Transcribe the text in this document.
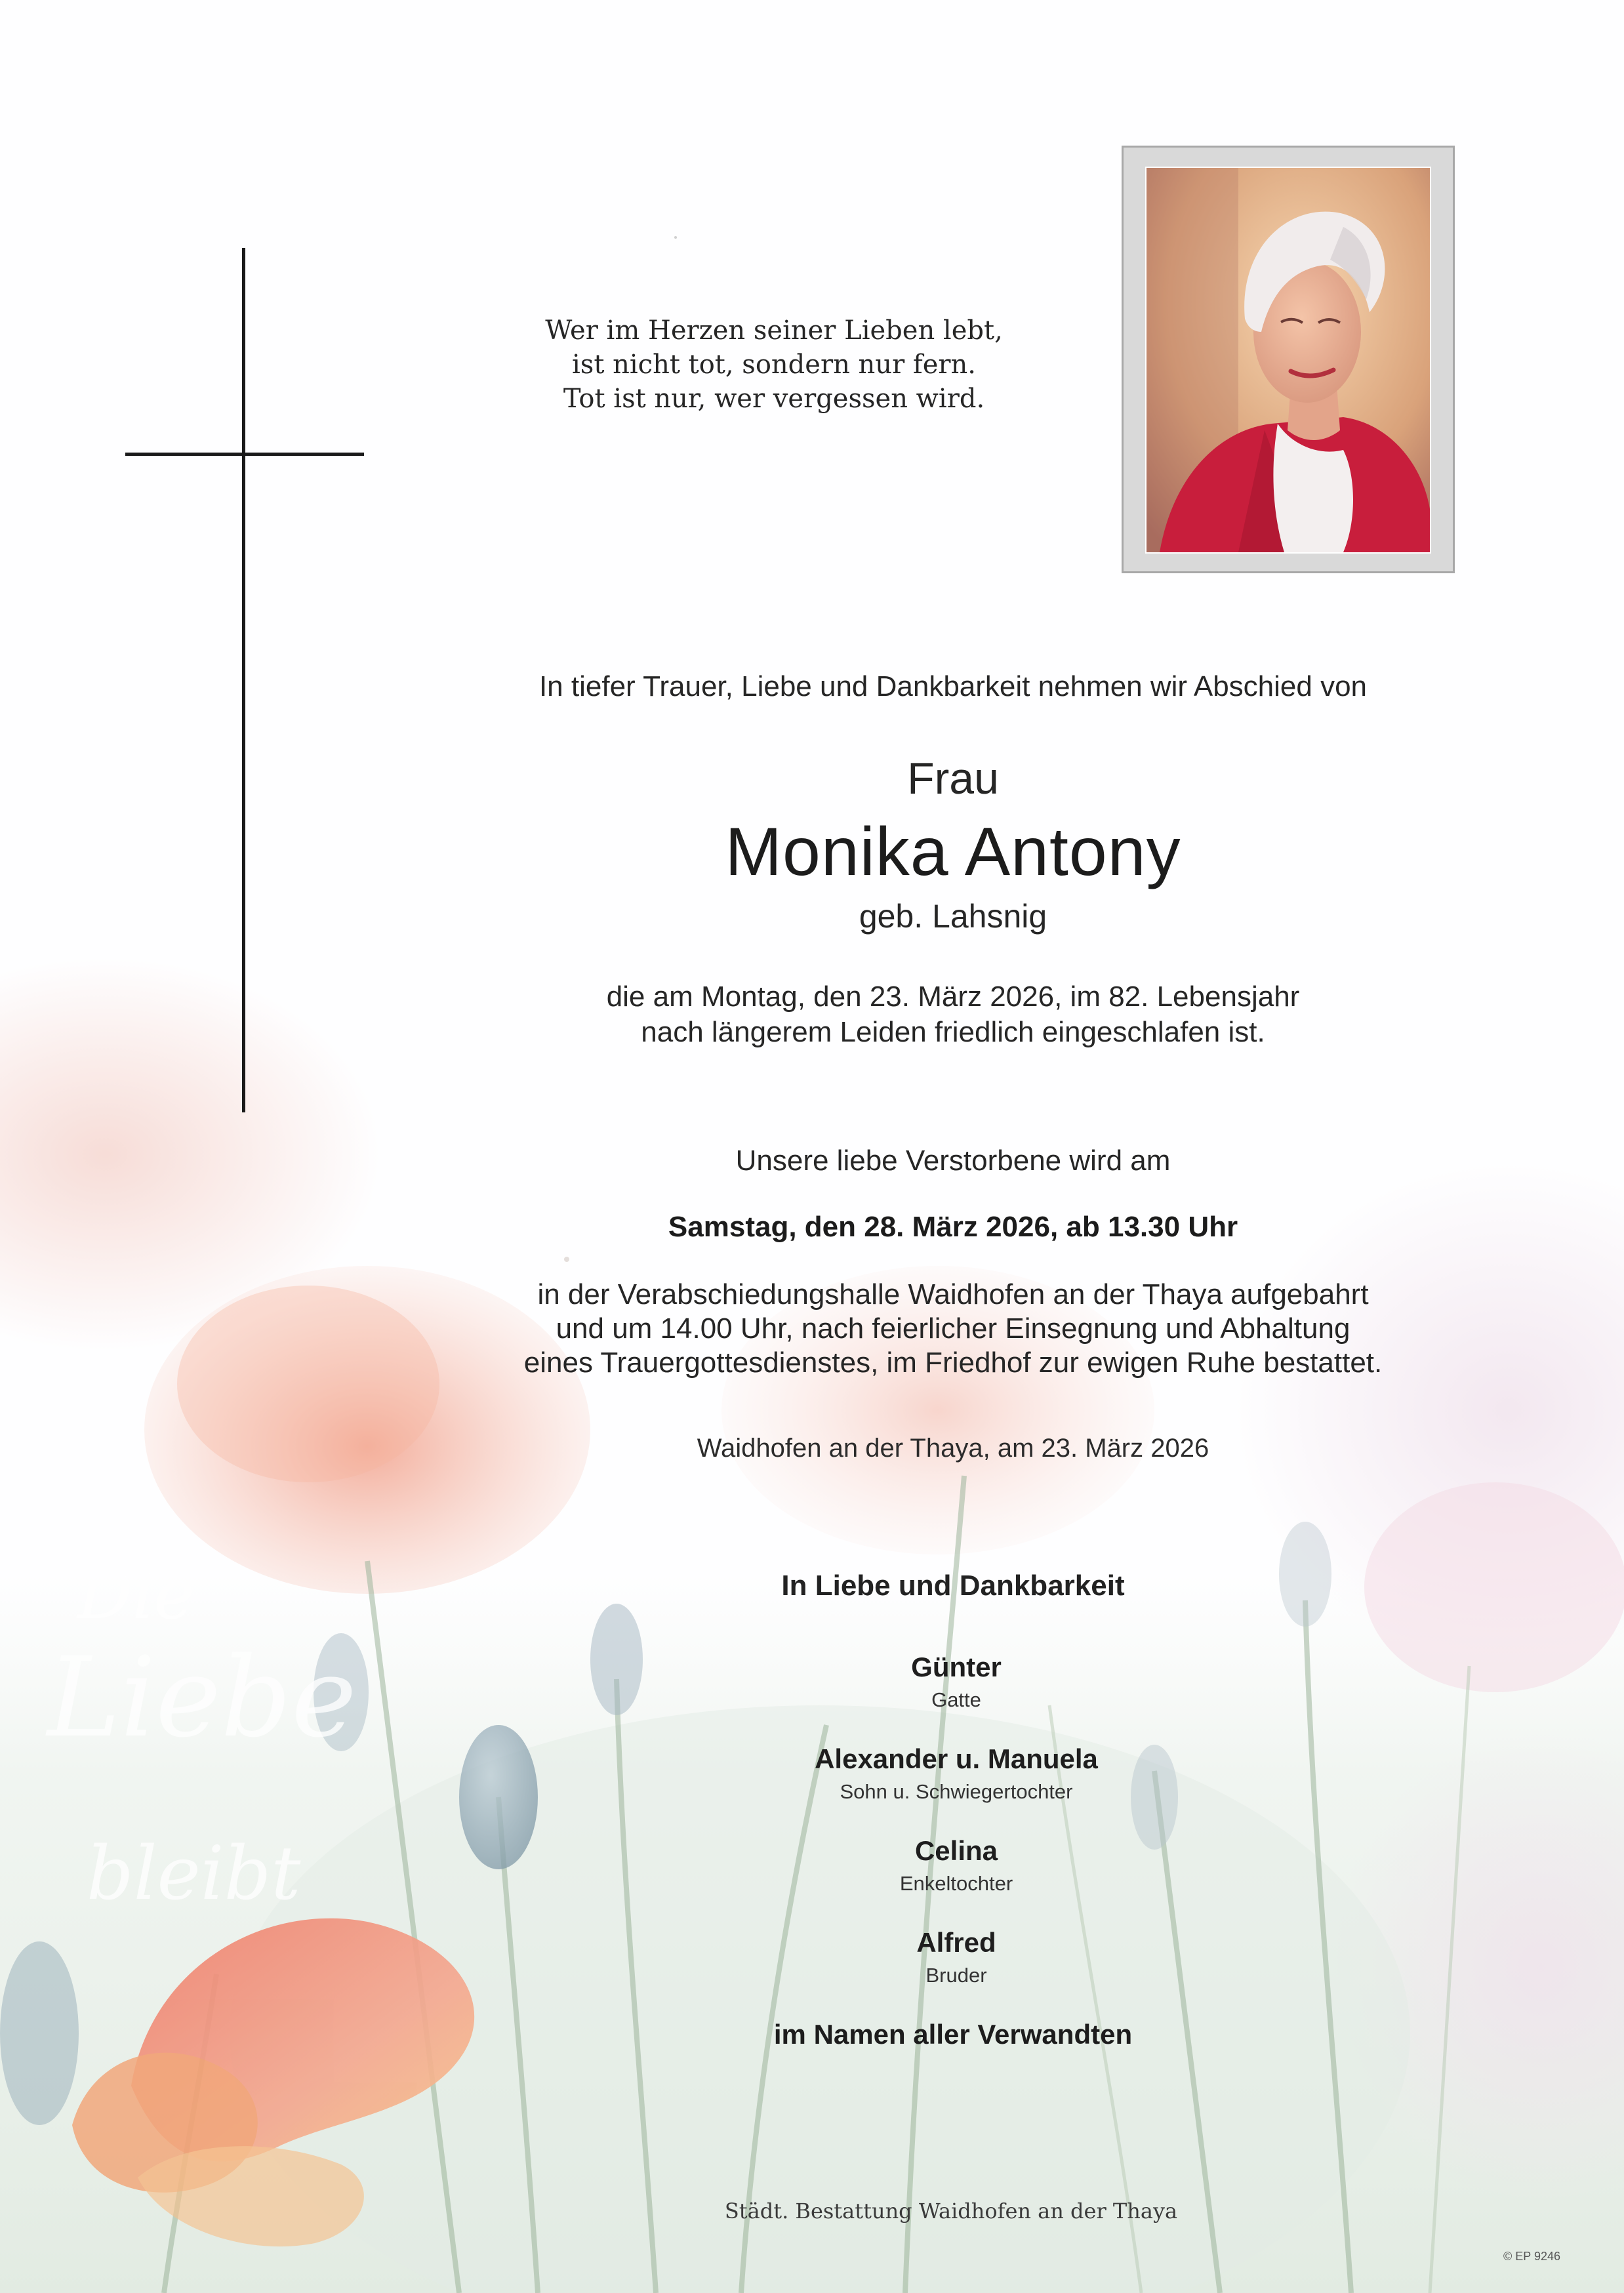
Die
Liebe
bleibt
Wer im Herzen seiner Lieben lebt,
ist nicht tot, sondern nur fern.
Tot ist nur, wer vergessen wird.
In tiefer Trauer, Liebe und Dankbarkeit nehmen wir Abschied von
Frau
Monika Antony
geb. Lahsnig
die am Montag, den 23. März 2026, im 82. Lebensjahr
nach längerem Leiden friedlich eingeschlafen ist.
Unsere liebe Verstorbene wird am
Samstag, den 28. März 2026, ab 13.30 Uhr
in der Verabschiedungshalle Waidhofen an der Thaya aufgebahrt
und um 14.00 Uhr, nach feierlicher Einsegnung und Abhaltung
eines Trauergottesdienstes, im Friedhof zur ewigen Ruhe bestattet.
Waidhofen an der Thaya, am 23. März 2026
In Liebe und Dankbarkeit
Günter
Gatte
Alexander u. Manuela
Sohn u. Schwiegertochter
Celina
Enkeltochter
Alfred
Bruder
im Namen aller Verwandten
Städt. Bestattung Waidhofen an der Thaya
© EP 9246
